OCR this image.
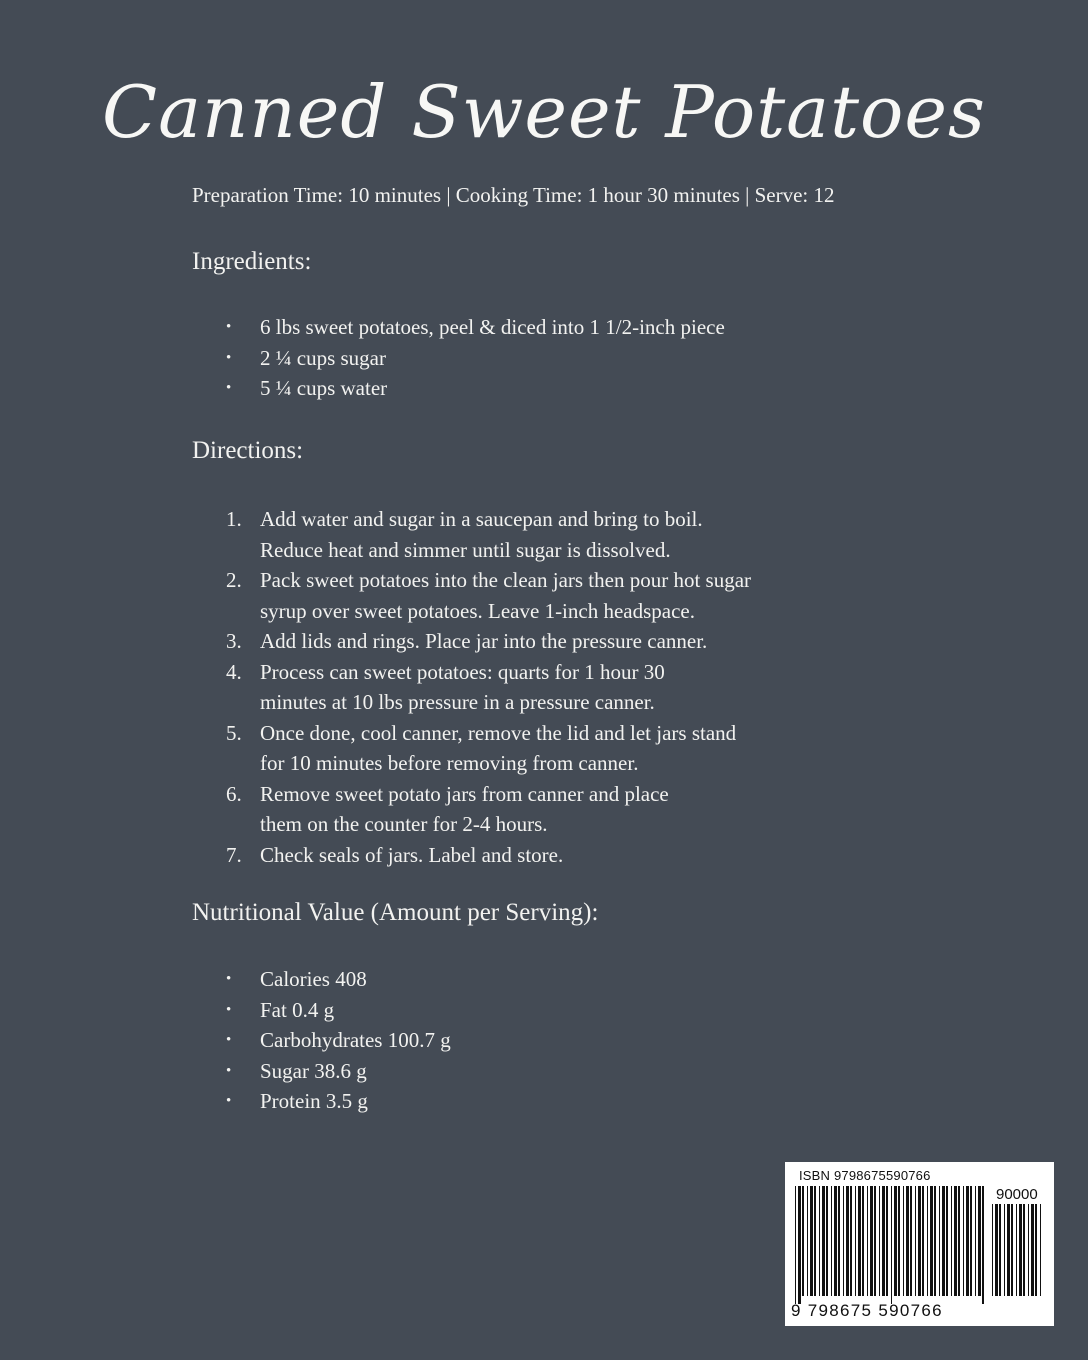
Canned Sweet Potatoes
Preparation Time: 10 minutes | Cooking Time: 1 hour 30 minutes | Serve: 12
Ingredients:
• 6 lbs sweet potatoes, peel & diced into 1 1/2-inch piece
• 2 ¼ cups sugar
• 5 ¼ cups water
Directions:
1. Add water and sugar in a saucepan and bring to boil.
Reduce heat and simmer until sugar is dissolved.
2. Pack sweet potatoes into the clean jars then pour hot sugar
syrup over sweet potatoes. Leave 1-inch headspace.
3. Add lids and rings. Place jar into the pressure canner.
4. Process can sweet potatoes: quarts for 1 hour 30
minutes at 10 lbs pressure in a pressure canner.
5. Once done, cool canner, remove the lid and let jars stand
for 10 minutes before removing from canner.
6. Remove sweet potato jars from canner and place
them on the counter for 2-4 hours.
7. Check seals of jars. Label and store.
Nutritional Value (Amount per Serving):
• Calories 408
• Fat 0.4 g
• Carbohydrates 100.7 g
• Sugar 38.6 g
• Protein 3.5 g
ISBN 9798675590766
90000
9 798675 590766
